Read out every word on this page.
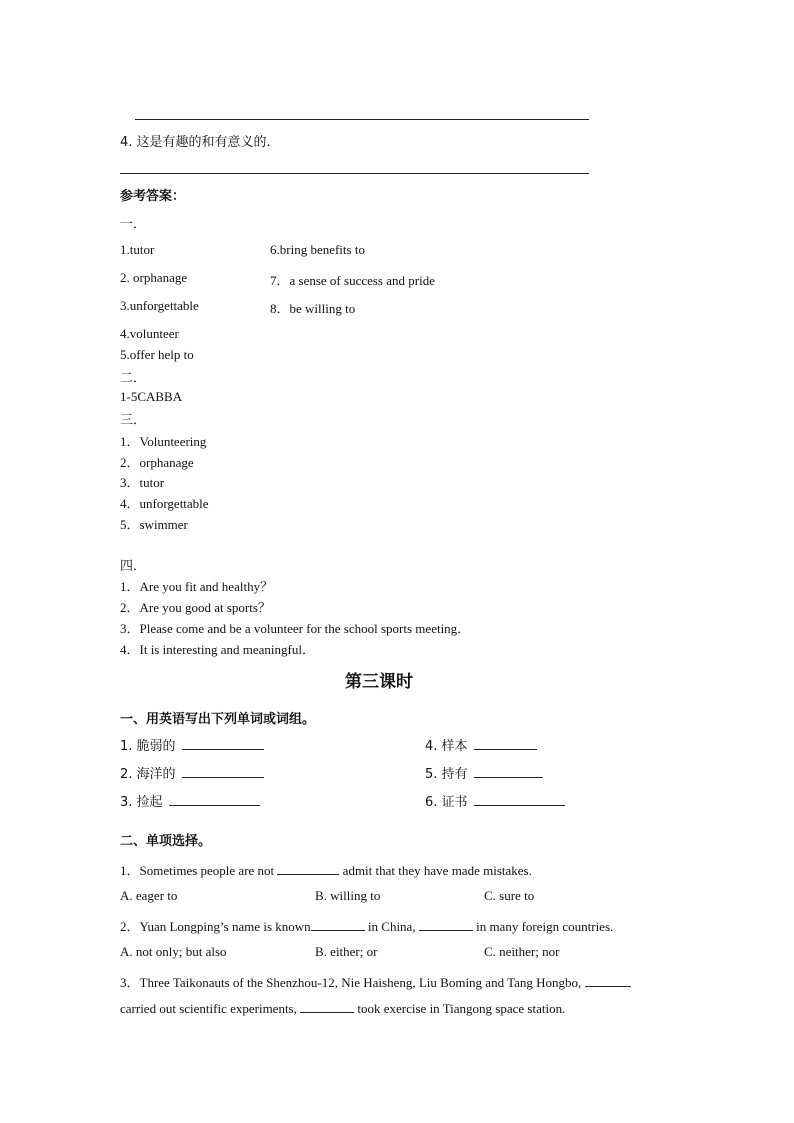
4. 这是有趣的和有意义的.
参考答案：
一．
1.tutor
2. orphanage
3.unforgettable
4.volunteer
5.offer help to
6.bring benefits to
7．a sense of success and pride
8．be willing to
二．
1-5CABBA
三．
1．Volunteering
2．orphanage
3．tutor
4．unforgettable
5．swimmer
四．
1．Are you fit and healthy？
2．Are you good at sports？
3．Please come and be a volunteer for the school sports meeting．
4．It is interesting and meaningful．
第三课时
一、用英语写出下列单词或词组。
1. 脆弱的
2. 海洋的
3. 捡起
4. 样本
5. 持有
6. 证书
二、单项选择。
1．Sometimes people are not	admit that they have made mistakes.
A. eager to	B. willing to	C. sure to
2．Yuan Longping’s name is known	in China,	in many foreign countries.
A. not only; but also	B. either; or	C. neither; nor
3．Three Taikonauts of the Shenzhou-12, Nie Haisheng, Liu Boming and Tang Hongbo,
carried out scientific experiments,	took exercise in Tiangong space station.
